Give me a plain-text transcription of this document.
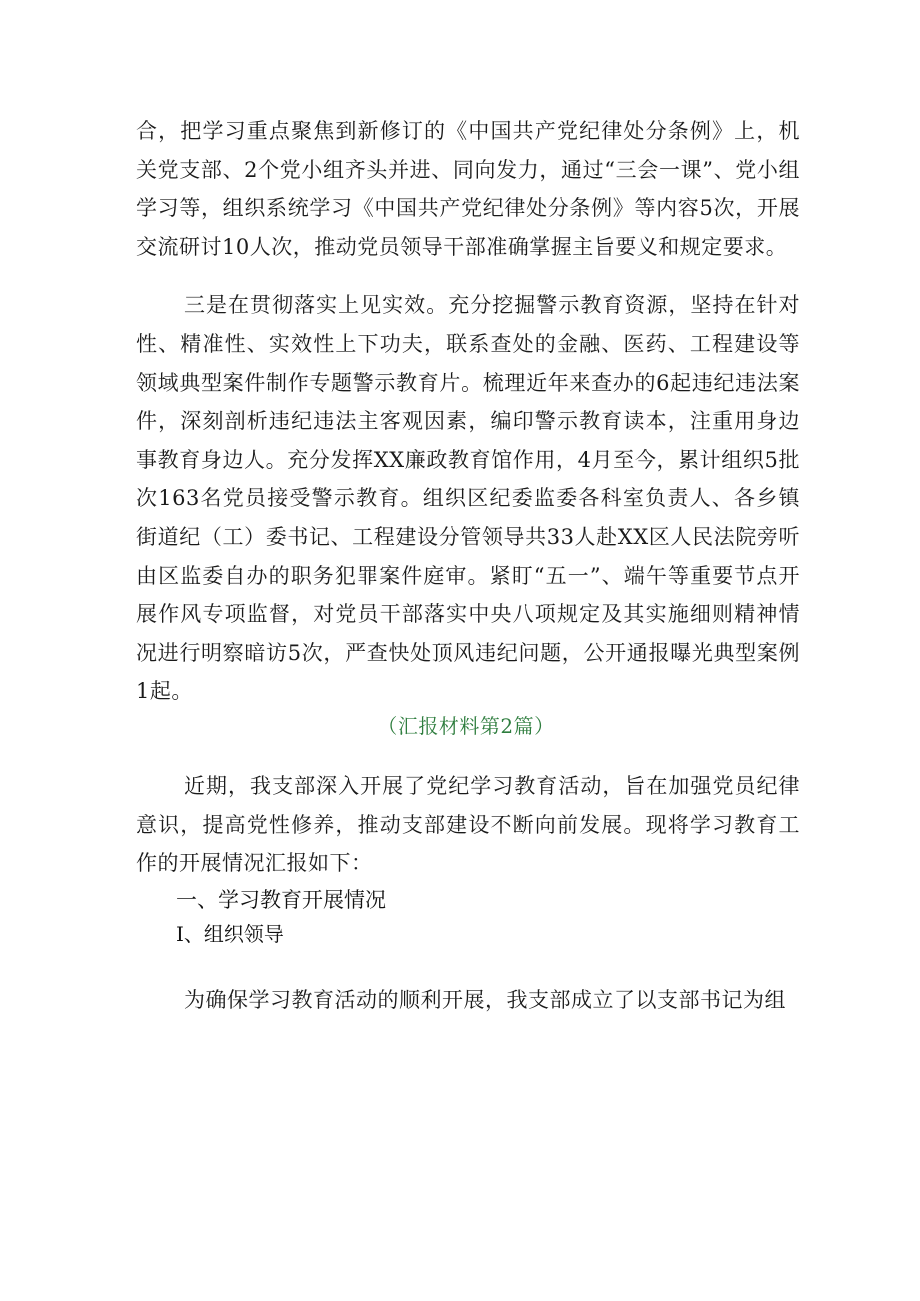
合，把学习重点聚焦到新修订的《中国共产党纪律处分条例》上，机关党支部、2个党小组齐头并进、同向发力，通过“三会一课”、党小组学习等，组织系统学习《中国共产党纪律处分条例》等内容5次，开展交流研讨10人次，推动党员领导干部准确掌握主旨要义和规定要求。

三是在贯彻落实上见实效。充分挖掘警示教育资源，坚持在针对性、精准性、实效性上下功夫，联系查处的金融、医药、工程建设等领域典型案件制作专题警示教育片。梳理近年来查办的6起违纪违法案件，深刻剖析违纪违法主客观因素，编印警示教育读本，注重用身边事教育身边人。充分发挥XX廉政教育馆作用，4月至今，累计组织5批次163名党员接受警示教育。组织区纪委监委各科室负责人、各乡镇街道纪（工）委书记、工程建设分管领导共33人赴XX区人民法院旁听由区监委自办的职务犯罪案件庭审。紧盯“五一”、端午等重要节点开展作风专项监督，对党员干部落实中央八项规定及其实施细则精神情况进行明察暗访5次，严查快处顶风违纪问题，公开通报曝光典型案例1起。

（汇报材料第2篇）

近期，我支部深入开展了党纪学习教育活动，旨在加强党员纪律意识，提高党性修养，推动支部建设不断向前发展。现将学习教育工作的开展情况汇报如下：

一、学习教育开展情况

I、组织领导

为确保学习教育活动的顺利开展，我支部成立了以支部书记为组
